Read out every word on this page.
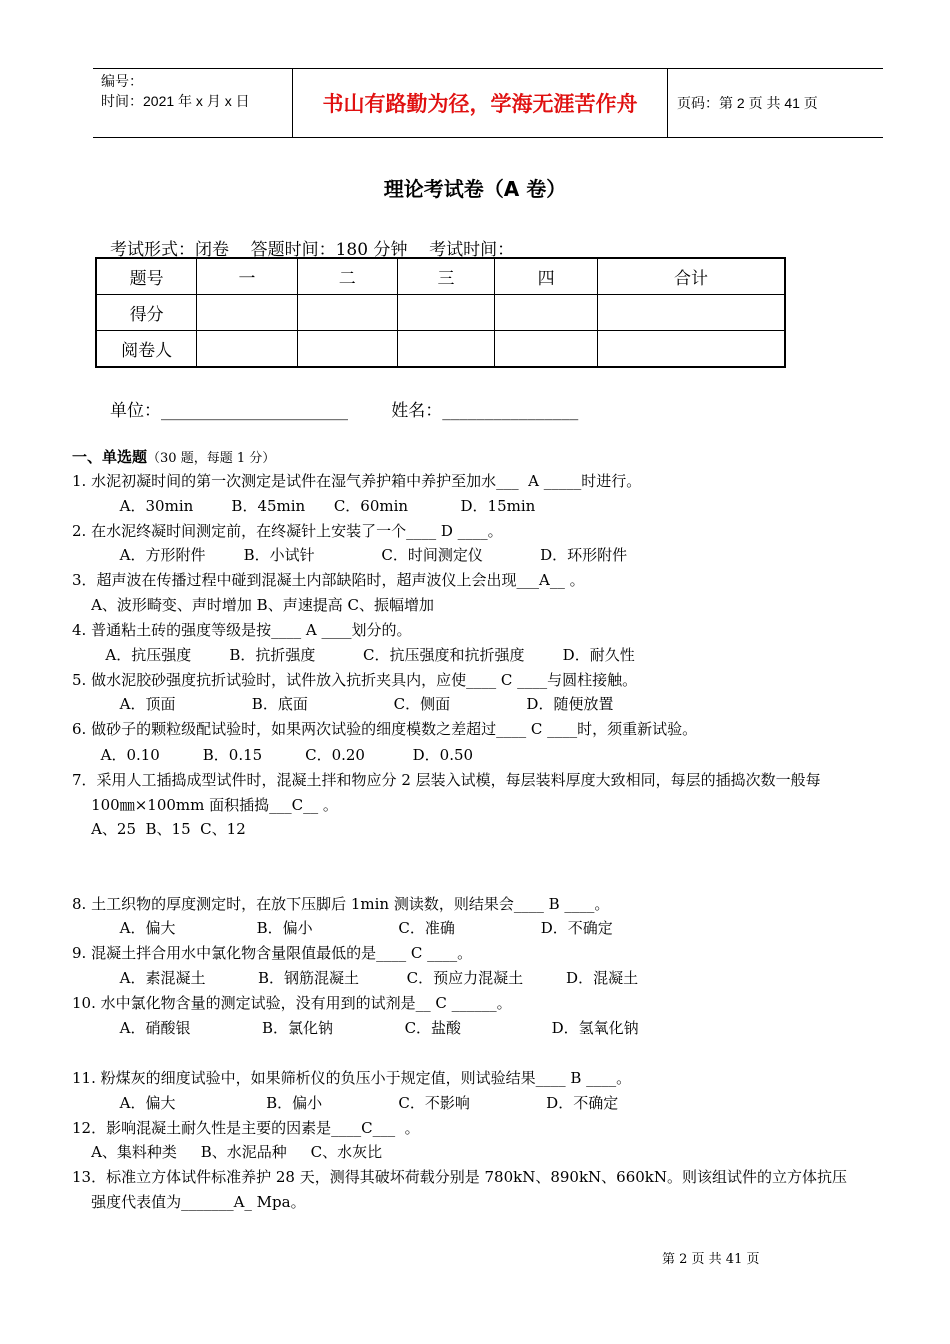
编号：
时间：2021 年 x 月 x 日	书山有路勤为径，学海无涯苦作舟	页码：第 2 页 共 41 页
理论考试卷（A 卷）
考试形式：闭卷    答题时间：180 分钟    考试时间：
题号	一	二	三	四	合计
得分					
阅卷人					
单位：______________________	姓名：________________
一、单选题（30 题，每题 1 分）
1. 水泥初凝时间的第一次测定是试件在湿气养护箱中养护至加水___  A _____时进行。
A．30min        B．45min      C．60min           D．15min
2. 在水泥终凝时间测定前，在终凝针上安装了一个____ D ____。
A．方形附件        B．小试针              C．时间测定仪            D．环形附件
3．超声波在传播过程中碰到混凝土内部缺陷时，超声波仪上会出现___A__ 。
A、波形畸变、声时增加 B、声速提高 C、振幅增加
4. 普通粘土砖的强度等级是按____ A ____划分的。
A．抗压强度        B．抗折强度          C．抗压强度和抗折强度        D．耐久性
5. 做水泥胶砂强度抗折试验时，试件放入抗折夹具内，应使____ C ____与圆柱接触。
A．顶面                B．底面                  C．侧面                D．随便放置
6. 做砂子的颗粒级配试验时，如果两次试验的细度模数之差超过____ C ____时，须重新试验。
A．0.10         B．0.15         C．0.20          D．0.50
7．采用人工插捣成型试件时，混凝土拌和物应分 2 层装入试模，每层装料厚度大致相同，每层的插捣次数一般每
100㎜×100mm 面积插捣___C__ 。
A、25  B、15  C、12
8. 土工织物的厚度测定时，在放下压脚后 1min 测读数，则结果会____ B ____。
A．偏大                 B．偏小                  C．准确                  D．不确定
9. 混凝土拌合用水中氯化物含量限值最低的是____ C ____。
A．素混凝土           B．钢筋混凝土          C．预应力混凝土         D．混凝土
10. 水中氯化物含量的测定试验，没有用到的试剂是__ C ______。
A．硝酸银               B．氯化钠               C．盐酸                   D．氢氧化钠
11. 粉煤灰的细度试验中，如果筛析仪的负压小于规定值，则试验结果____ B ____。
A．偏大                   B．偏小                C．不影响                D．不确定
12．影响混凝土耐久性是主要的因素是____C___  。
A、集料种类     B、水泥品种     C、水灰比
13．标准立方体试件标准养护 28 天，测得其破坏荷载分别是 780kN、890kN、660kN。则该组试件的立方体抗压
强度代表值为_______A_ Mpa。
第 2 页 共 41 页
